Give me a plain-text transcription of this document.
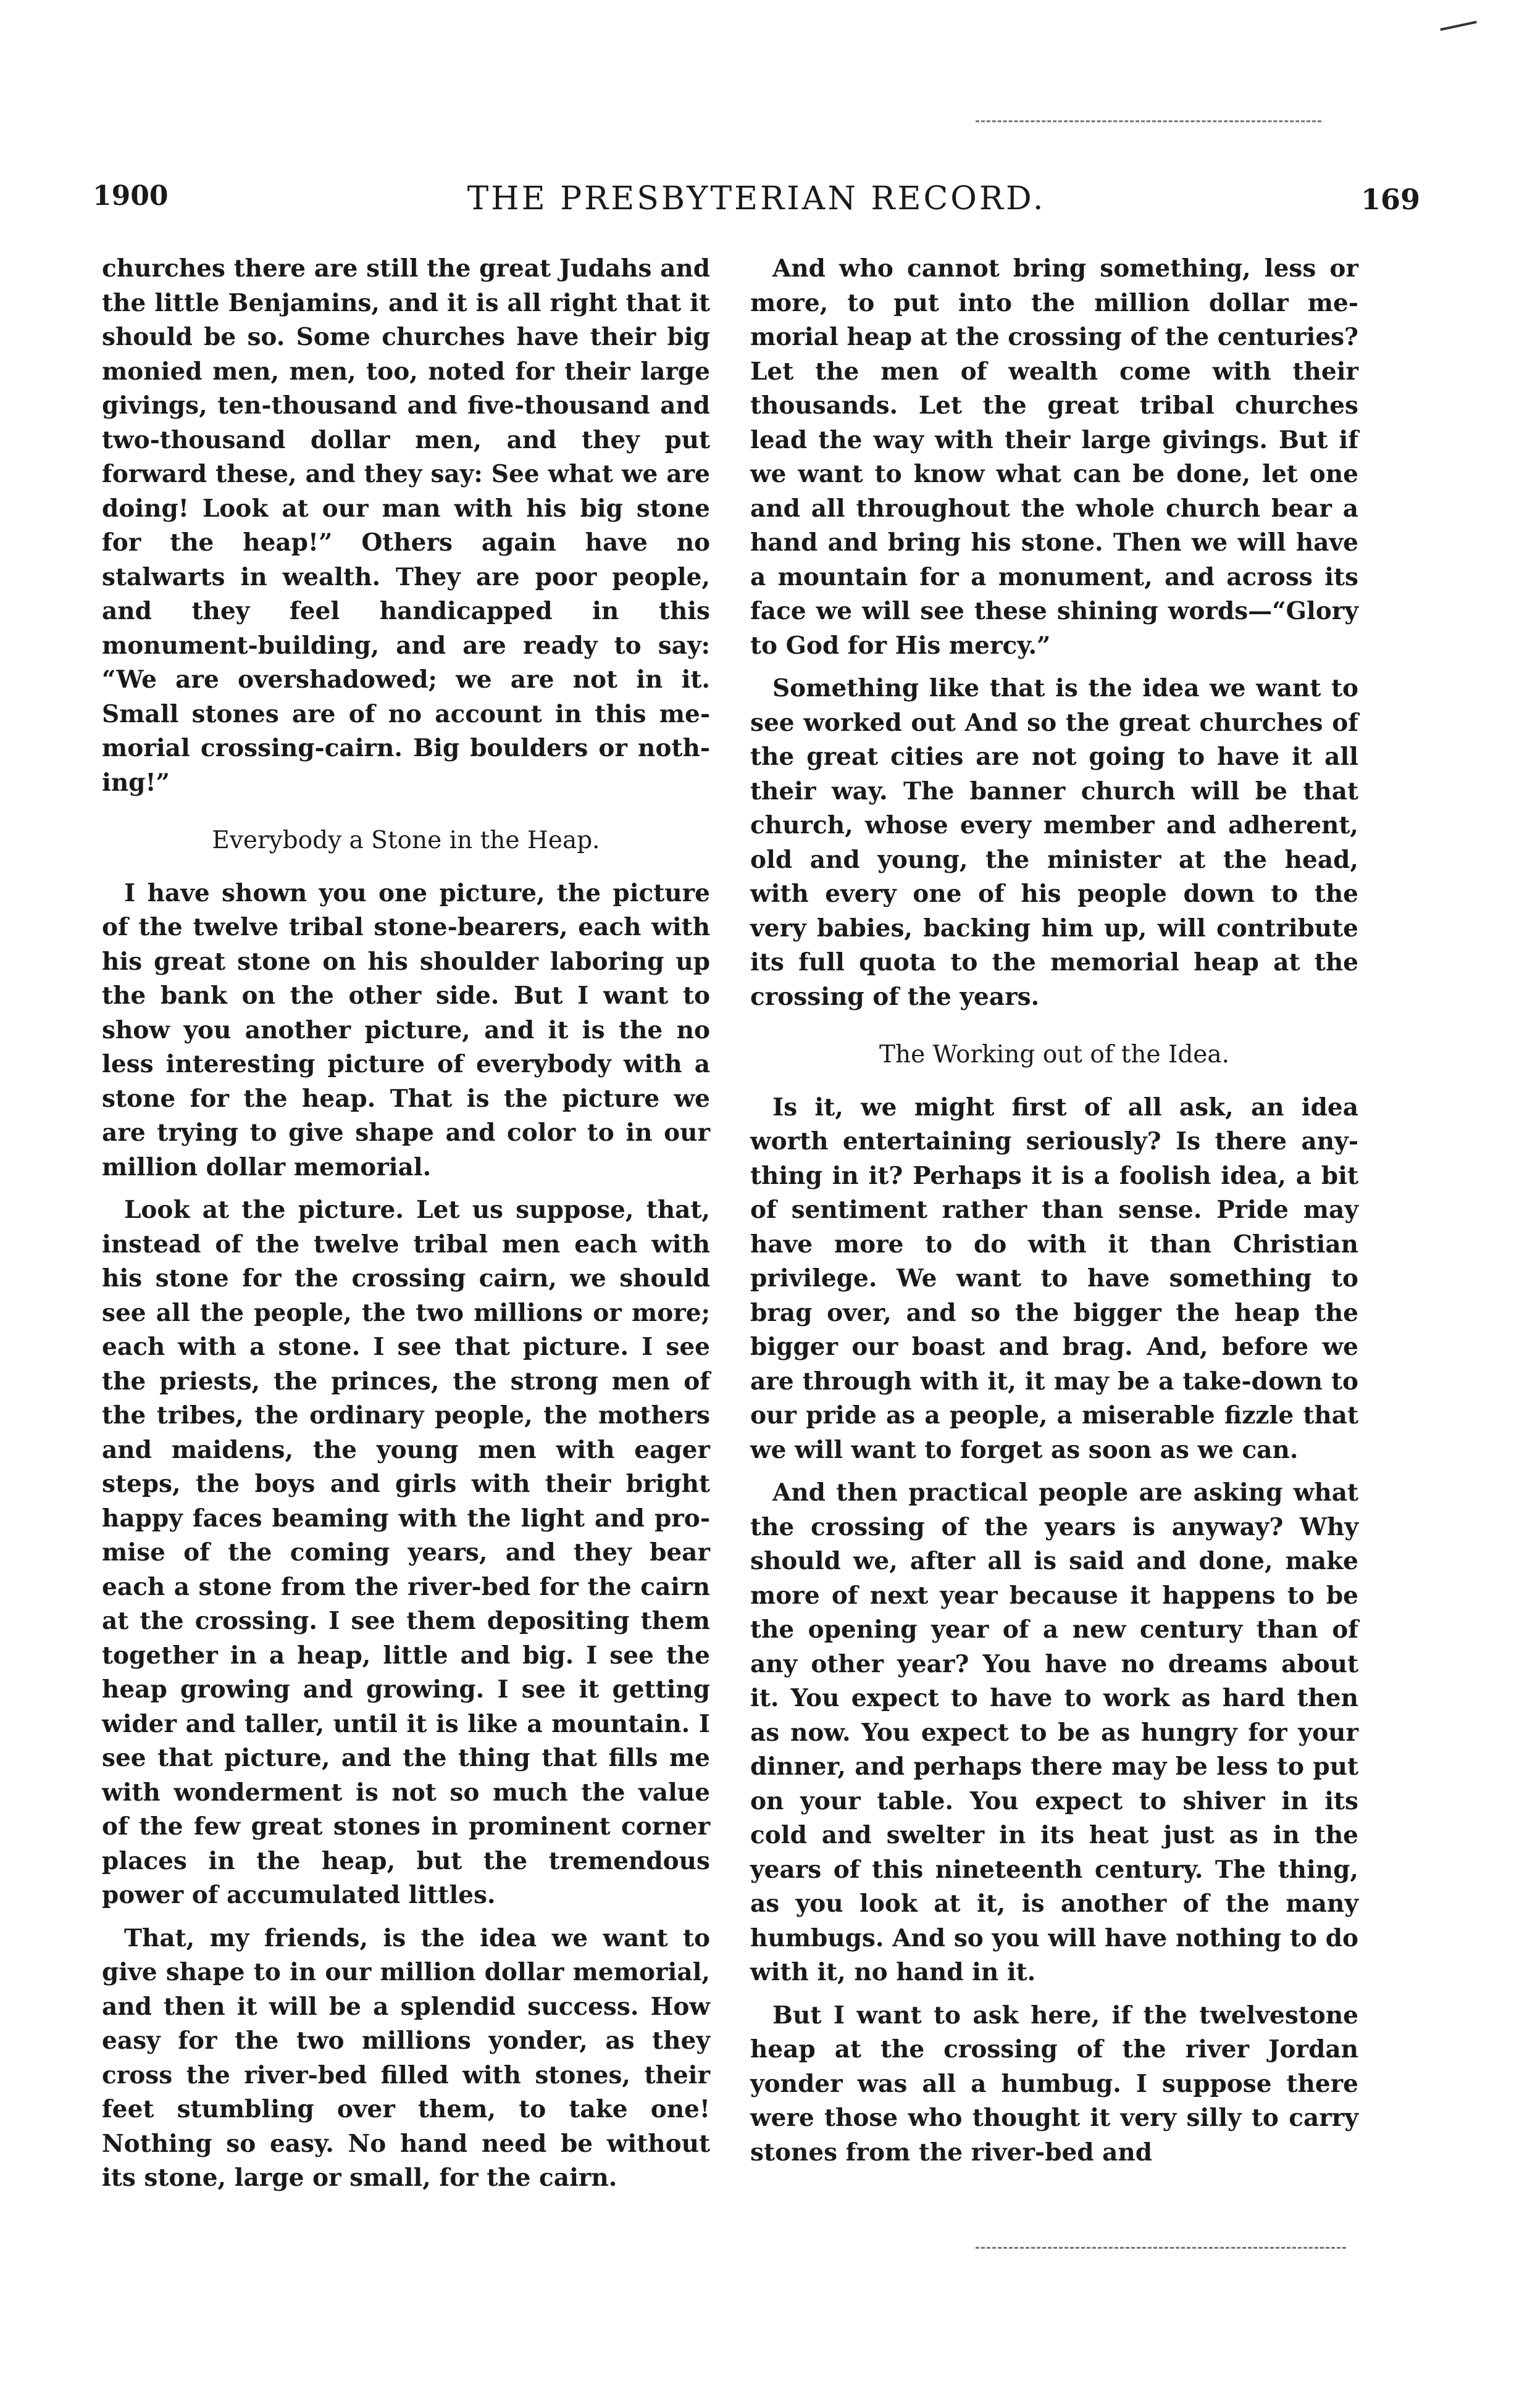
1900	THE PRESBYTERIAN RECORD.	169

churches there are still the great Judahs and the little Benjamins, and it is all right that it should be so. Some churches have their big monied men, men, too, noted for their large givings, ten-thousand and five-thousand and two-thousand dollar men, and they put forward these, and they say: See what we are doing! Look at our man with his big stone for the heap!” Others again have no stalwarts in wealth. They are poor people, and they feel handicapped in this monument-building, and are ready to say: “We are overshadowed; we are not in it. Small stones are of no account in this memorial crossing-cairn. Big boulders or nothing!”

Everybody a Stone in the Heap.

I have shown you one picture, the picture of the twelve tribal stone-bearers, each with his great stone on his shoulder laboring up the bank on the other side. But I want to show you another picture, and it is the no less interesting picture of everybody with a stone for the heap. That is the picture we are trying to give shape and color to in our million dollar memorial.

Look at the picture. Let us suppose, that, instead of the twelve tribal men each with his stone for the crossing cairn, we should see all the people, the two millions or more; each with a stone. I see that picture. I see the priests, the princes, the strong men of the tribes, the ordinary people, the mothers and maidens, the young men with eager steps, the boys and girls with their bright happy faces beaming with the light and promise of the coming years, and they bear each a stone from the river-bed for the cairn at the crossing. I see them depositing them together in a heap, little and big. I see the heap growing and growing. I see it getting wider and taller, until it is like a mountain. I see that picture, and the thing that fills me with wonderment is not so much the value of the few great stones in prominent corner places in the heap, but the tremendous power of accumulated littles.

That, my friends, is the idea we want to give shape to in our million dollar memorial, and then it will be a splendid success. How easy for the two millions yonder, as they cross the river-bed filled with stones, their feet stumbling over them, to take one! Nothing so easy. No hand need be without its stone, large or small, for the cairn.

And who cannot bring something, less or more, to put into the million dollar memorial heap at the crossing of the centuries? Let the men of wealth come with their thousands. Let the great tribal churches lead the way with their large givings. But if we want to know what can be done, let one and all throughout the whole church bear a hand and bring his stone. Then we will have a mountain for a monument, and across its face we will see these shining words—“Glory to God for His mercy.”

Something like that is the idea we want to see worked out And so the great churches of the great cities are not going to have it all their way. The banner church will be that church, whose every member and adherent, old and young, the minister at the head, with every one of his people down to the very babies, backing him up, will contribute its full quota to the memorial heap at the crossing of the years.

The Working out of the Idea.

Is it, we might first of all ask, an idea worth entertaining seriously? Is there anything in it? Perhaps it is a foolish idea, a bit of sentiment rather than sense. Pride may have more to do with it than Christian privilege. We want to have something to brag over, and so the bigger the heap the bigger our boast and brag. And, before we are through with it, it may be a take-down to our pride as a people, a miserable fizzle that we will want to forget as soon as we can.

And then practical people are asking what the crossing of the years is anyway? Why should we, after all is said and done, make more of next year because it happens to be the opening year of a new century than of any other year? You have no dreams about it. You expect to have to work as hard then as now. You expect to be as hungry for your dinner, and perhaps there may be less to put on your table. You expect to shiver in its cold and swelter in its heat just as in the years of this nineteenth century. The thing, as you look at it, is another of the many humbugs. And so you will have nothing to do with it, no hand in it.

But I want to ask here, if the twelvestone heap at the crossing of the river Jordan yonder was all a humbug. I suppose there were those who thought it very silly to carry stones from the river-bed and
